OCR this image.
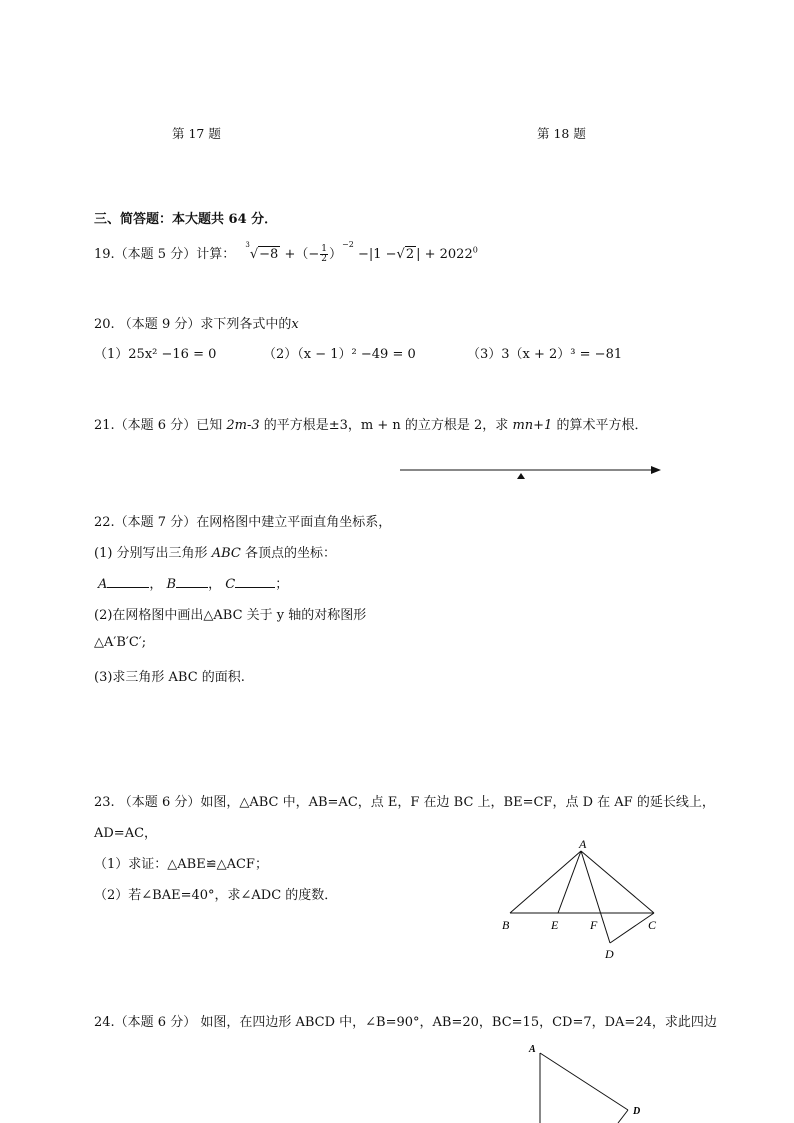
第 17 题	第 18 题
三、简答题：本大题共 64 分．
19.（本题 5 分）计算： $^3$√−8 +（− $\frac{1}{2} )^{-2} -|1 -√2$ | + $2022^0$
20. （本题 9 分）求下列各式中的x
（1）25x² −16 = 0	（2）（x − 1）² −49 = 0	（3）3（x + 2）³ = −81
21.（本题 6 分）已知 2m-3 的平方根是±3，m + n 的立方根是 2，求 mn+1 的算术平方根．
22.（本题 7 分）在网格图中建立平面直角坐标系，
(1) 分别写出三角形 ABC 各顶点的坐标：
A	， B ， C	；
(2)在网格图中画出△ABC 关于 y 轴的对称图形
△A′B′C′;
(3)求三角形 ABC 的面积.
23. （本题 6 分）如图，△ABC 中，AB=AC，点 E，F 在边 BC 上，BE=CF，点 D 在 AF 的延长线上，
AD=AC，
（1）求证：△ABE≌△ACF；
（2）若∠BAE=40°，求∠ADC 的度数．
A
B	E	F	C
D
24.（本题 6 分） 如图，在四边形 ABCD 中，∠B=90°，AB=20，BC=15，CD=7，DA=24，求此四边
A
D
